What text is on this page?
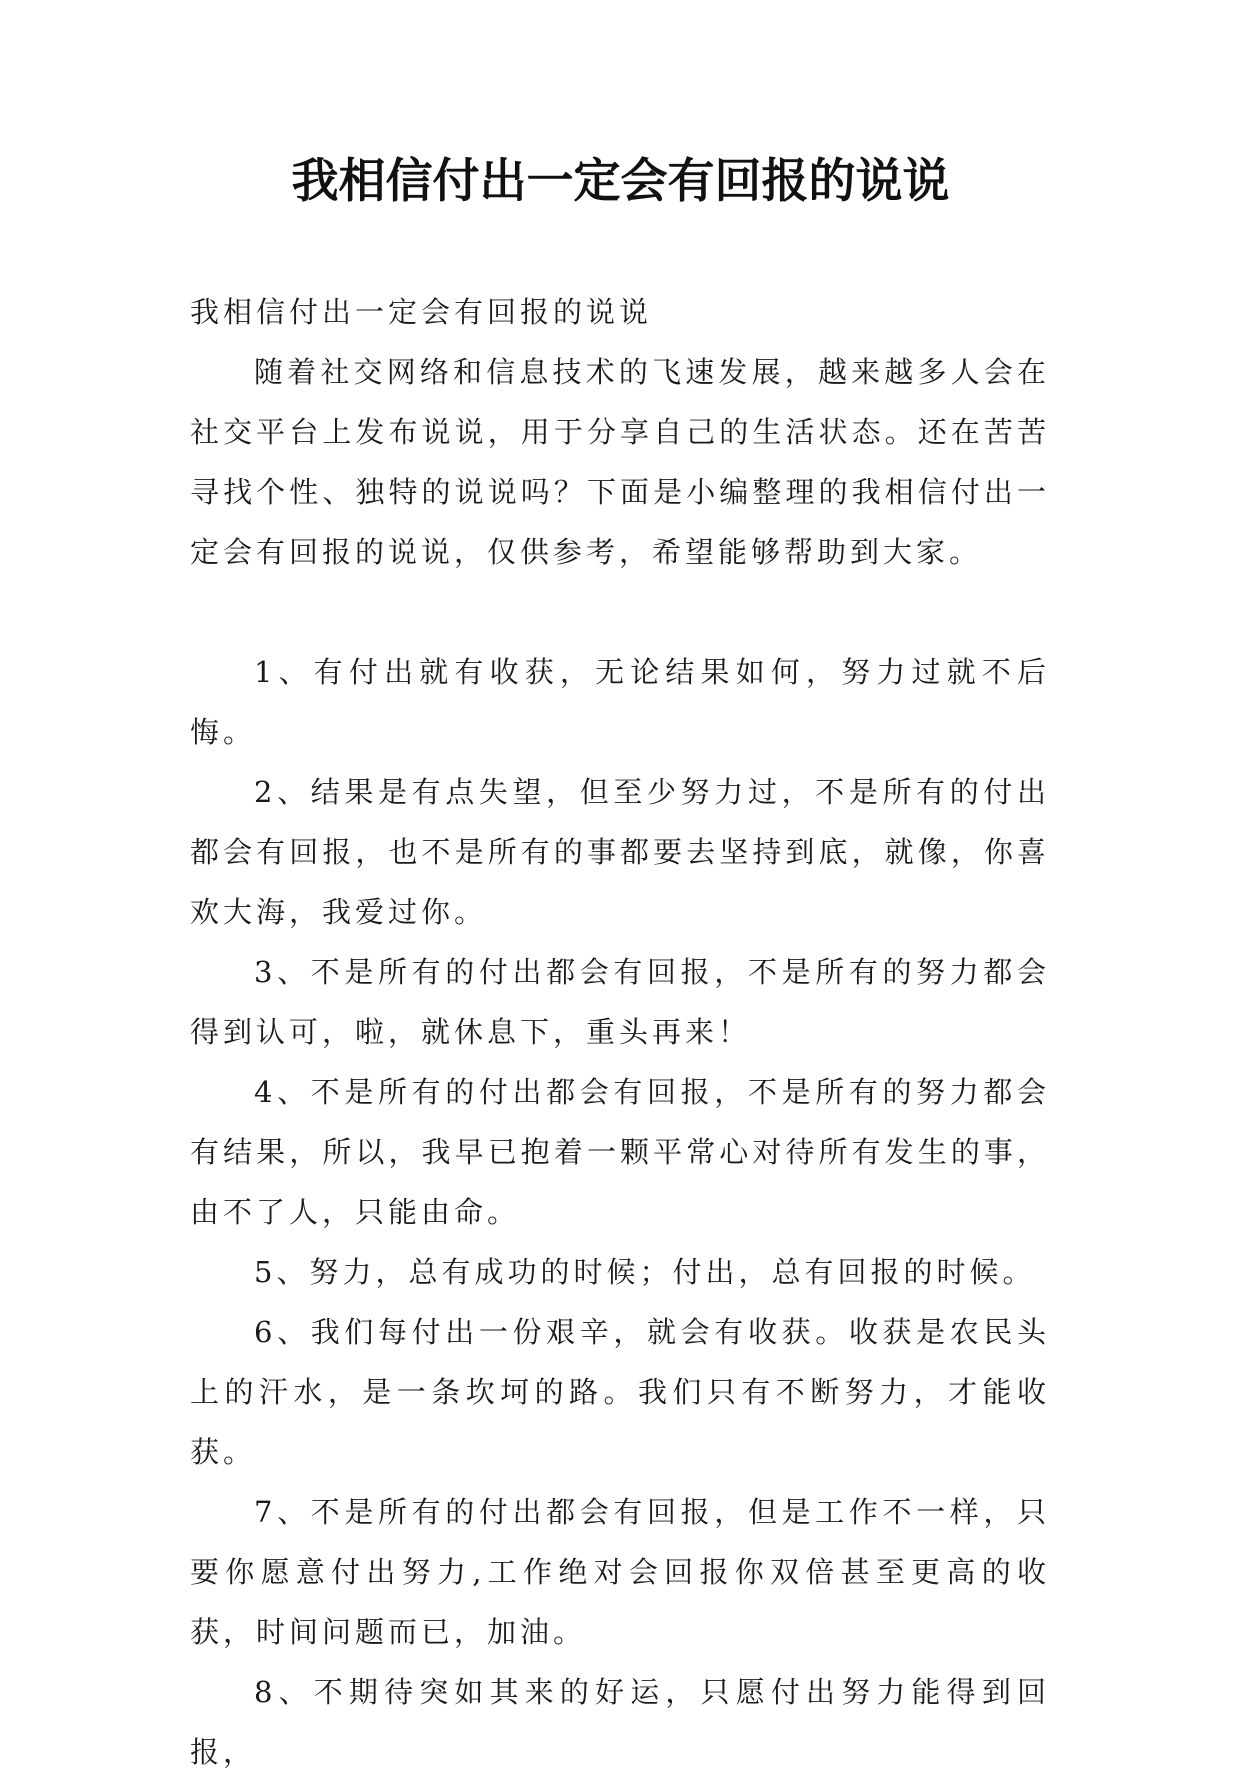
我相信付出一定会有回报的说说

我相信付出一定会有回报的说说

随着社交网络和信息技术的飞速发展，越来越多人会在社交平台上发布说说，用于分享自己的生活状态。还在苦苦寻找个性、独特的说说吗？下面是小编整理的我相信付出一定会有回报的说说，仅供参考，希望能够帮助到大家。

1、有付出就有收获，无论结果如何，努力过就不后悔。

2、结果是有点失望，但至少努力过，不是所有的付出都会有回报，也不是所有的事都要去坚持到底，就像，你喜欢大海，我爱过你。

3、不是所有的付出都会有回报，不是所有的努力都会得到认可，啦，就休息下，重头再来！

4、不是所有的付出都会有回报，不是所有的努力都会有结果，所以，我早已抱着一颗平常心对待所有发生的事，由不了人，只能由命。

5、努力，总有成功的时候；付出，总有回报的时候。

6、我们每付出一份艰辛，就会有收获。收获是农民头上的汗水，是一条坎坷的路。我们只有不断努力，才能收获。

7、不是所有的付出都会有回报，但是工作不一样，只要你愿意付出努力,工作绝对会回报你双倍甚至更高的收获，时间问题而已，加油。

8、不期待突如其来的好运，只愿付出努力能得到回报，
